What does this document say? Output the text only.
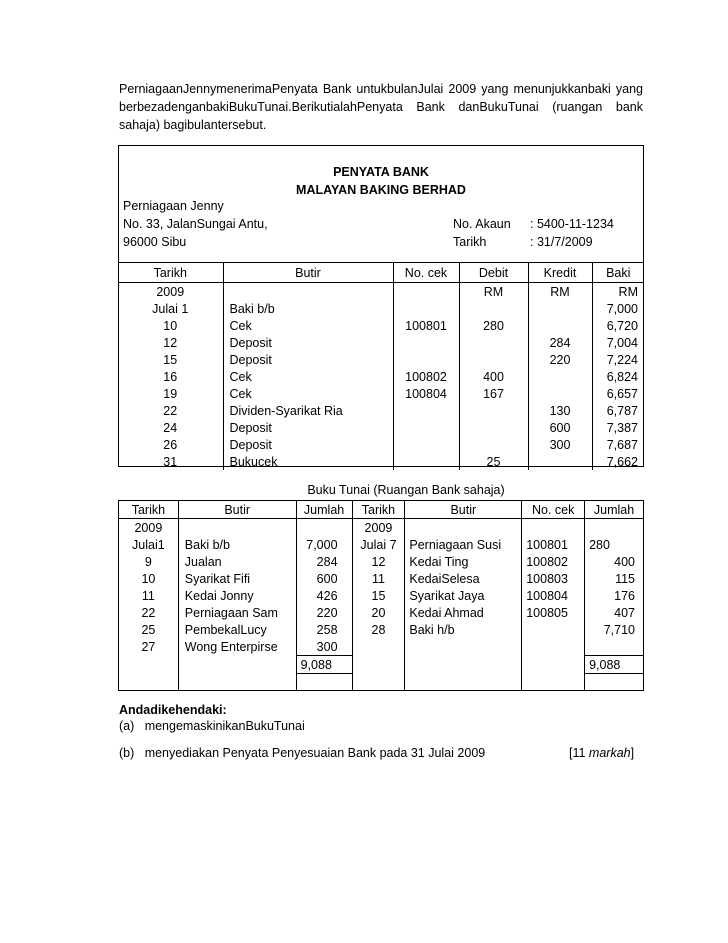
PerniagaanJennymenerimaPenyata Bank untukbulanJulai 2009 yang menunjukkanbaki yang berbezadenganbakiBukuTunai.BerikutialahPenyata Bank danBukuTunai (ruangan bank sahaja) bagibulantersebut.
PENYATA BANK
MALAYAN BAKING BERHAD
Perniagaan Jenny
No. 33, JalanSungai Antu,
96000 Sibu
No. Akaun : 5400-11-1234
Tarikh	: 31/7/2009
Tarikh	Butir	No. cek	Debit	Kredit	Baki
2009			RM	RM	RM
Julai 1	Baki b/b				7,000
10	Cek	100801	280		6,720
12	Deposit			284	7,004
15	Deposit			220	7,224
16	Cek	100802	400		6,824
19	Cek	100804	167		6,657
22	Dividen-Syarikat Ria			130	6,787
24	Deposit			600	7,387
26	Deposit			300	7,687
31	Bukucek		25		7,662
Buku Tunai (Ruangan Bank sahaja)
Tarikh	Butir	Jumlah	Tarikh	Butir	No. cek	Jumlah
2009			2009			
Julai1	Baki b/b	7,000	Julai 7	Perniagaan Susi	100801	280
9	Jualan	284	12	Kedai Ting	100802	400
10	Syarikat Fifi	600	11	KedaiSelesa	100803	115
11	Kedai Jonny	426	15	Syarikat Jaya	100804	176
22	Perniagaan Sam	220	20	Kedai Ahmad	100805	407
25	PembekalLucy	258	28	Baki h/b		7,710
27	Wong Enterpirse	300				
		9,088				9,088

Andadikehendaki:
(a)   mengemaskinikanBukuTunai
(b)   menyediakan Penyata Penyesuaian Bank pada 31 Julai 2009	[11 markah]
